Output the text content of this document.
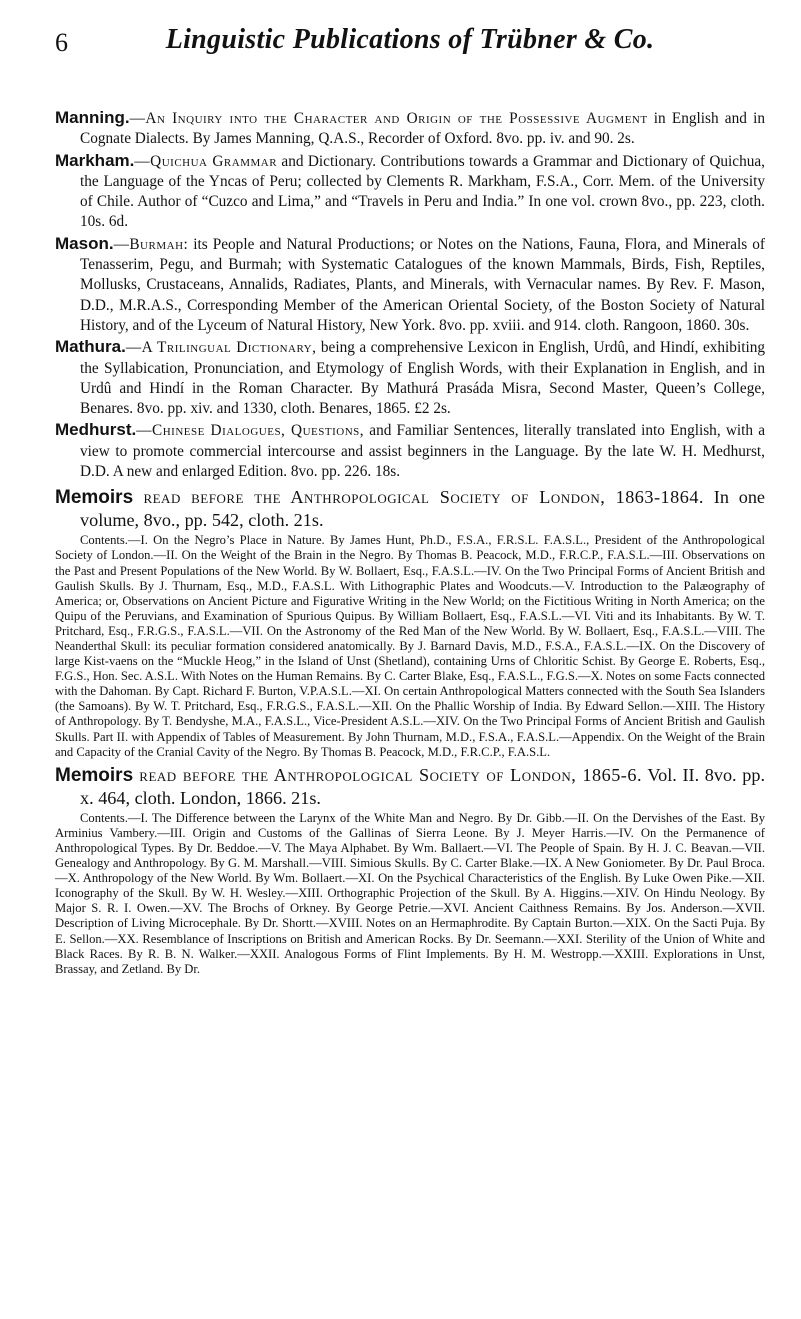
6	Linguistic Publications of Trübner & Co.

Manning.—An Inquiry into the Character and Origin of the Possessive Augment in English and in Cognate Dialects. By James Manning, Q.A.S., Recorder of Oxford. 8vo. pp. iv. and 90. 2s.

Markham.—Quichua Grammar and Dictionary. Contributions towards a Grammar and Dictionary of Quichua, the Language of the Yncas of Peru; collected by Clements R. Markham, F.S.A., Corr. Mem. of the University of Chile. Author of “Cuzco and Lima,” and “Travels in Peru and India.” In one vol. crown 8vo., pp. 223, cloth. 10s. 6d.

Mason.—Burmah: its People and Natural Productions; or Notes on the Nations, Fauna, Flora, and Minerals of Tenasserim, Pegu, and Burmah; with Systematic Catalogues of the known Mammals, Birds, Fish, Reptiles, Mollusks, Crustaceans, Annalids, Radiates, Plants, and Minerals, with Vernacular names. By Rev. F. Mason, D.D., M.R.A.S., Corresponding Member of the American Oriental Society, of the Boston Society of Natural History, and of the Lyceum of Natural History, New York. 8vo. pp. xviii. and 914. cloth. Rangoon, 1860. 30s.

Mathura.—A Trilingual Dictionary, being a comprehensive Lexicon in English, Urdû, and Hindí, exhibiting the Syllabication, Pronunciation, and Etymology of English Words, with their Explanation in English, and in Urdû and Hindí in the Roman Character. By Mathurá Prasáda Misra, Second Master, Queen’s College, Benares. 8vo. pp. xiv. and 1330, cloth. Benares, 1865. £2 2s.

Medhurst.—Chinese Dialogues, Questions, and Familiar Sentences, literally translated into English, with a view to promote commercial intercourse and assist beginners in the Language. By the late W. H. Medhurst, D.D. A new and enlarged Edition. 8vo. pp. 226. 18s.

Memoirs read before the Anthropological Society of London, 1863-1864. In one volume, 8vo., pp. 542, cloth. 21s.

Contents.—I. On the Negro’s Place in Nature. By James Hunt, Ph.D., F.S.A., F.R.S.L. F.A.S.L., President of the Anthropological Society of London.—II. On the Weight of the Brain in the Negro. By Thomas B. Peacock, M.D., F.R.C.P., F.A.S.L.—III. Observations on the Past and Present Populations of the New World. By W. Bollaert, Esq., F.A.S.L.—IV. On the Two Principal Forms of Ancient British and Gaulish Skulls. By J. Thurnam, Esq., M.D., F.A.S.L. With Lithographic Plates and Woodcuts.—V. Introduction to the Palæography of America; or, Observations on Ancient Picture and Figurative Writing in the New World; on the Fictitious Writing in North America; on the Quipu of the Peruvians, and Examination of Spurious Quipus. By William Bollaert, Esq., F.A.S.L.—VI. Viti and its Inhabitants. By W. T. Pritchard, Esq., F.R.G.S., F.A.S.L.—VII. On the Astronomy of the Red Man of the New World. By W. Bollaert, Esq., F.A.S.L.—VIII. The Neanderthal Skull: its peculiar formation considered anatomically. By J. Barnard Davis, M.D., F.S.A., F.A.S.L.—IX. On the Discovery of large Kist-vaens on the “Muckle Heog,” in the Island of Unst (Shetland), containing Urns of Chloritic Schist. By George E. Roberts, Esq., F.G.S., Hon. Sec. A.S.L. With Notes on the Human Remains. By C. Carter Blake, Esq., F.A.S.L., F.G.S.—X. Notes on some Facts connected with the Dahoman. By Capt. Richard F. Burton, V.P.A.S.L.—XI. On certain Anthropological Matters connected with the South Sea Islanders (the Samoans). By W. T. Pritchard, Esq., F.R.G.S., F.A.S.L.—XII. On the Phallic Worship of India. By Edward Sellon.—XIII. The History of Anthropology. By T. Bendyshe, M.A., F.A.S.L., Vice-President A.S.L.—XIV. On the Two Principal Forms of Ancient British and Gaulish Skulls. Part II. with Appendix of Tables of Measurement. By John Thurnam, M.D., F.S.A., F.A.S.L.—Appendix. On the Weight of the Brain and Capacity of the Cranial Cavity of the Negro. By Thomas B. Peacock, M.D., F.R.C.P., F.A.S.L.

Memoirs read before the Anthropological Society of London, 1865-6. Vol. II. 8vo. pp. x. 464, cloth. London, 1866. 21s.

Contents.—I. The Difference between the Larynx of the White Man and Negro. By Dr. Gibb.—II. On the Dervishes of the East. By Arminius Vambery.—III. Origin and Customs of the Gallinas of Sierra Leone. By J. Meyer Harris.—IV. On the Permanence of Anthropological Types. By Dr. Beddoe.—V. The Maya Alphabet. By Wm. Ballaert.—VI. The People of Spain. By H. J. C. Beavan.—VII. Genealogy and Anthropology. By G. M. Marshall.—VIII. Simious Skulls. By C. Carter Blake.—IX. A New Goniometer. By Dr. Paul Broca.—X. Anthropology of the New World. By Wm. Bollaert.—XI. On the Psychical Characteristics of the English. By Luke Owen Pike.—XII. Iconography of the Skull. By W. H. Wesley.—XIII. Orthographic Projection of the Skull. By A. Higgins.—XIV. On Hindu Neology. By Major S. R. I. Owen.—XV. The Brochs of Orkney. By George Petrie.—XVI. Ancient Caithness Remains. By Jos. Anderson.—XVII. Description of Living Microcephale. By Dr. Shortt.—XVIII. Notes on an Hermaphrodite. By Captain Burton.—XIX. On the Sacti Puja. By E. Sellon.—XX. Resemblance of Inscriptions on British and American Rocks. By Dr. Seemann.—XXI. Sterility of the Union of White and Black Races. By R. B. N. Walker.—XXII. Analogous Forms of Flint Implements. By H. M. Westropp.—XXIII. Explorations in Unst, Brassay, and Zetland. By Dr.
